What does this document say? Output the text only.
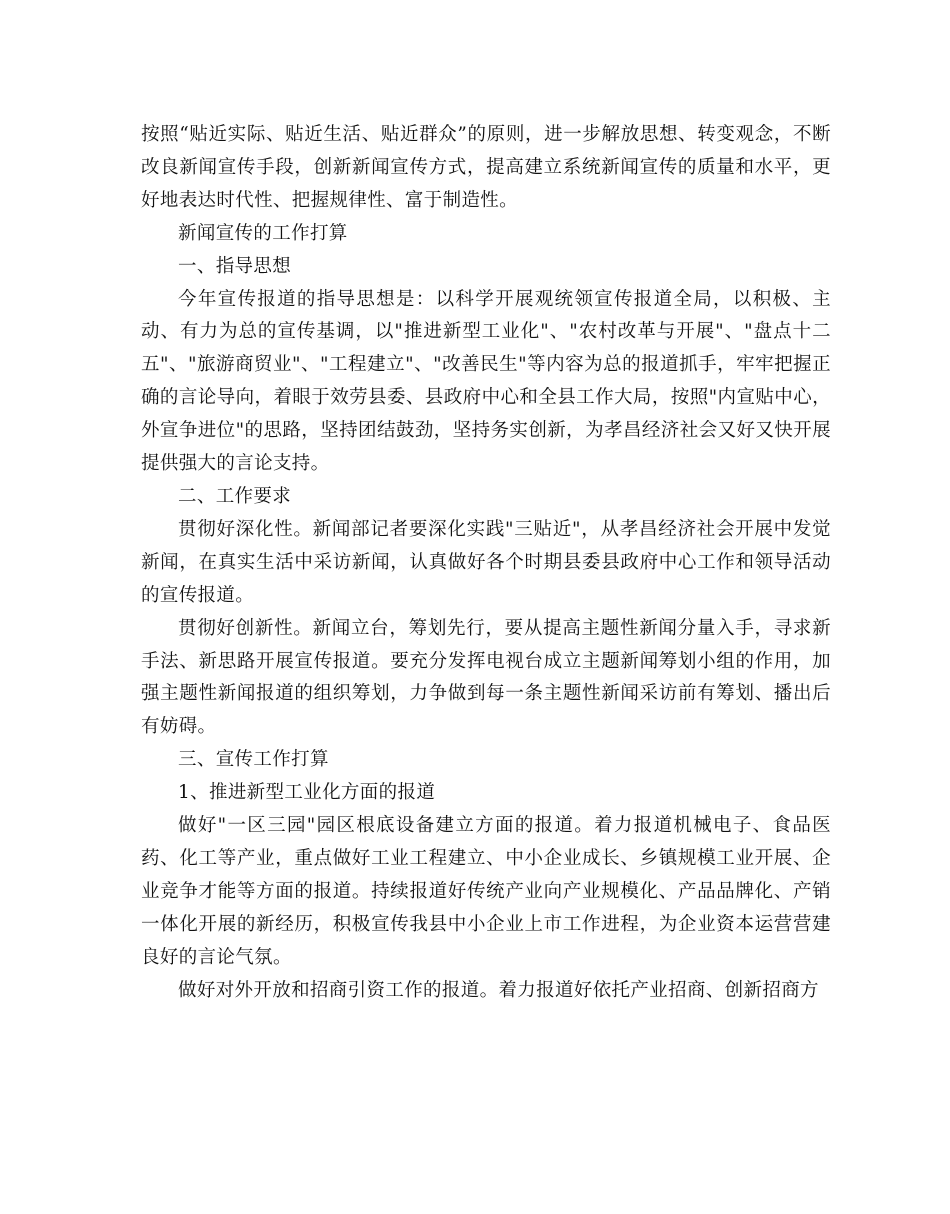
按照“贴近实际、贴近生活、贴近群众”的原则，进一步解放思想、转变观念，不断改良新闻宣传手段，创新新闻宣传方式，提高建立系统新闻宣传的质量和水平，更好地表达时代性、把握规律性、富于制造性。

新闻宣传的工作打算

一、指导思想

今年宣传报道的指导思想是：以科学开展观统领宣传报道全局，以积极、主动、有力为总的宣传基调，以"推进新型工业化"、"农村改革与开展"、"盘点十二五"、"旅游商贸业"、"工程建立"、"改善民生"等内容为总的报道抓手，牢牢把握正确的言论导向，着眼于效劳县委、县政府中心和全县工作大局，按照"内宣贴中心，外宣争进位"的思路，坚持团结鼓劲，坚持务实创新，为孝昌经济社会又好又快开展提供强大的言论支持。

二、工作要求

贯彻好深化性。新闻部记者要深化实践"三贴近"，从孝昌经济社会开展中发觉新闻，在真实生活中采访新闻，认真做好各个时期县委县政府中心工作和领导活动的宣传报道。

贯彻好创新性。新闻立台，筹划先行，要从提高主题性新闻分量入手，寻求新手法、新思路开展宣传报道。要充分发挥电视台成立主题新闻筹划小组的作用，加强主题性新闻报道的组织筹划，力争做到每一条主题性新闻采访前有筹划、播出后有妨碍。

三、宣传工作打算

1、推进新型工业化方面的报道

做好"一区三园"园区根底设备建立方面的报道。着力报道机械电子、食品医药、化工等产业，重点做好工业工程建立、中小企业成长、乡镇规模工业开展、企业竞争才能等方面的报道。持续报道好传统产业向产业规模化、产品品牌化、产销一体化开展的新经历，积极宣传我县中小企业上市工作进程，为企业资本运营营建良好的言论气氛。

做好对外开放和招商引资工作的报道。着力报道好依托产业招商、创新招商方
